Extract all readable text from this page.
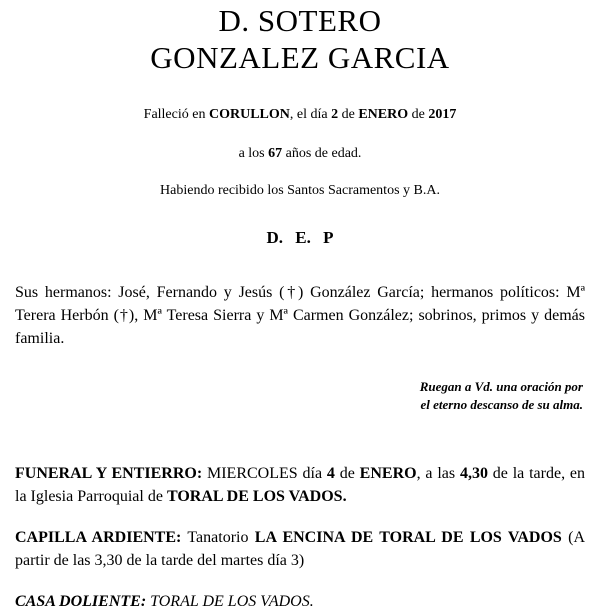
D. SOTERO
GONZALEZ GARCIA
Falleció en CORULLON, el día 2 de ENERO de 2017
a los 67 años de edad.
Habiendo recibido los Santos Sacramentos y B.A.
D. E. P
Sus hermanos: José, Fernando y Jesús (†) González García; hermanos políticos: Mª Terera Herbón (†), Mª Teresa Sierra y Mª Carmen González; sobrinos, primos y demás familia.
Ruegan a Vd. una oración por
el eterno descanso de su alma.
FUNERAL Y ENTIERRO: MIERCOLES día 4 de ENERO, a las 4,30 de la tarde, en la Iglesia Parroquial de TORAL DE LOS VADOS.
CAPILLA ARDIENTE: Tanatorio LA ENCINA DE TORAL DE LOS VADOS (A partir de las 3,30 de la tarde del martes día 3)
CASA DOLIENTE: TORAL DE LOS VADOS.
